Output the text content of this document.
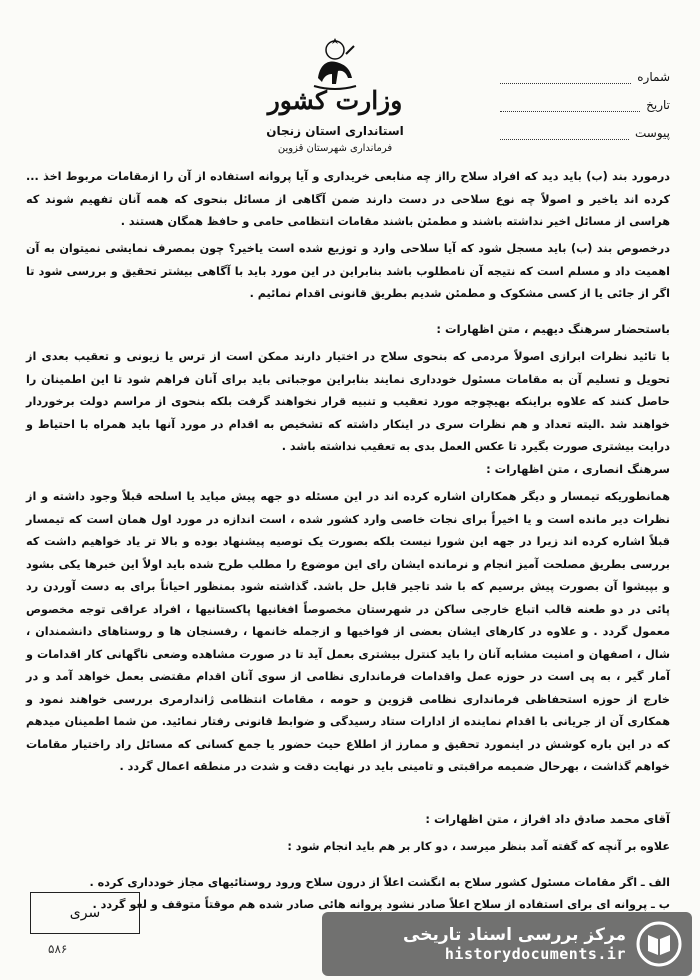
وزارت کشور
استانداری استان زنجان
فرمانداری شهرستان قزوین
شماره
تاریخ
پیوست
درمورد بند (ب) باید دید که افراد سلاح رااز چه منابعی خریداری و آیا پروانه استفاده از آن را ازمقامات مربوط اخذ ... کرده اند یاخیر و اصولاً چه نوع سلاحی در دست دارند ضمن آگاهی از مسائل بنحوی که همه آنان تفهیم شوند که هراسی از مسائل اخیر نداشته باشند و مطمئن باشند مقامات انتظامی حامی و حافظ همگان هستند .
درخصوص بند (ب) باید مسجل شود که آیا سلاحی وارد و توزیع شده است یاخیر؟ چون بمصرف نمایشی نمیتوان به آن اهمیت داد و مسلم است که نتیجه آن نامطلوب باشد بنابراین در این مورد باید با آگاهی بیشتر تحقیق و بررسی شود تا اگر از جائی یا از کسی مشکوک و مطمئن شدیم بطریق قانونی اقدام نمائیم .
باستحضار سرهنگ دیهیم ، متن اظهارات :
با تائید نظرات ابرازی اصولاً مردمی که بنحوی سلاح در اختیار دارند ممکن است از ترس یا زیونی و تعقیب بعدی از تحویل و تسلیم آن به مقامات مسئول خودداری نمایند بنابراین موجباتی باید برای آنان فراهم شود تا این اطمینان را حاصل کنند که علاوه براینکه بهیچوجه مورد تعقیب و تنبیه قرار نخواهند گرفت بلکه بنحوی از مراسم دولت برخوردار خواهند شد .الیته تعداد و هم نظرات سری در اینکار داشته که تشخیص به اقدام در مورد آنها باید همراه با احتیاط و درایت بیشتری صورت بگیرد تا عکس العمل بدی به تعقیب نداشته باشد .
سرهنگ انصاری ، متن اظهارات :
همانطوریکه تیمسار و دیگر همکاران اشاره کرده اند در این مسئله دو جهه پیش میاید یا اسلحه قبلاً وجود داشته و از نظرات دیر مانده است و یا اخیراً برای نجات خاصی وارد کشور شده ، است اندازه در مورد اول همان است که تیمسار قبلاً اشاره کرده اند زیرا در جهه این شورا نیست بلکه بصورت یک توصیه پیشنهاد بوده و بالا تر یاد خواهیم داشت که بررسی بطریق مصلحت آمیز انجام و نرمانده ایشان رای این موضوع را مطلب طرح شده باید اولاً این خبرها یکی بشود و بپیشوا آن بصورت پیش برسیم که با شد تاجیر قابل حل باشد. گذاشته شود بمنظور احیاناً برای به دست آوردن رد پائی در دو طعنه قالب اتباع خارجی ساکن در شهرستان مخصوصاً افغانیها پاکستانیها ، افراد عراقی توجه مخصوص معمول گردد . و علاوه در کارهای ایشان بعضی از فواخیها و ازجمله خانمها ، رفسنجان ها و روستاهای دانشمندان ، شال ، اصفهان و امنیت مشابه آنان را باید کنترل بیشتری بعمل آید تا در صورت مشاهده وضعی ناگهانی کار اقدامات و آمار گیر ، به پی است در حوزه عمل واقدامات فرمانداری نظامی از سوی آنان اقدام مقتضی بعمل خواهد آمد و در خارج از حوزه استحفاظی فرمانداری نظامی قزوین و حومه ، مقامات انتظامی ژاندارمری بررسی خواهند نمود و همکاری آن از جریانی با اقدام نماینده از ادارات ستاد رسیدگی و ضوابط قانونی رفتار نمائید. من شما اطمینان میدهم که در این باره کوشش در اینمورد تحقیق و ممارز از اطلاع حیث حضور یا جمع کسانی که مسائل راد راختیار مقامات خواهم گذاشت ، بهرحال ضمیمه مراقبتی و تامینی باید در نهایت دقت و شدت در منطقه اعمال گردد .
آقای محمد صادق داد افراز ، متن اظهارات :
علاوه بر آنچه که گفته آمد بنظر میرسد ، دو کار بر هم باید انجام شود :
الف ـ اگر مقامات مسئول کشور سلاح به انگشت اعلاً از درون سلاح ورود روستائیهای مجاز خودداری کرده .
ب ـ پروانه ای برای استفاده از سلاح اعلاً صادر نشود پروانه هائی صادر شده هم موقتاً متوقف و لغو گردد .
سری
۵۸۶
مرکز بررسی اسناد تاریخی
historydocuments.ir
